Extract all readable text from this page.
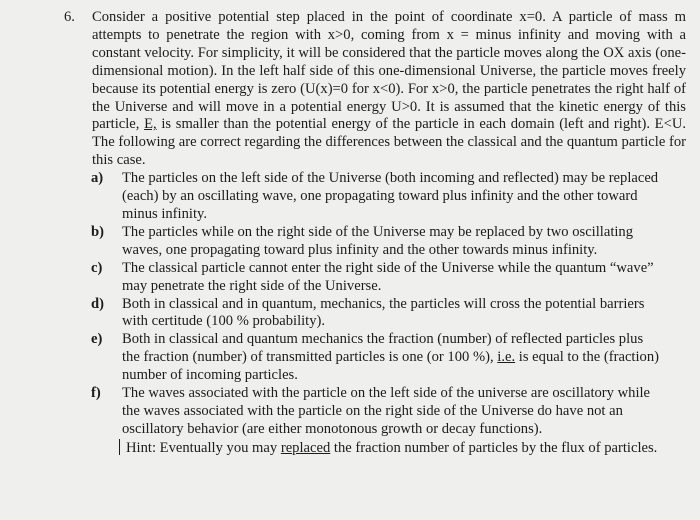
6. Consider a positive potential step placed in the point of coordinate x=0. A particle of mass m attempts to penetrate the region with x>0, coming from x = minus infinity and moving with a constant velocity. For simplicity, it will be considered that the particle moves along the OX axis (one-dimensional motion). In the left half side of this one-dimensional Universe, the particle moves freely because its potential energy is zero (U(x)=0 for x<0). For x>0, the particle penetrates the right half of the Universe and will move in a potential energy U>0. It is assumed that the kinetic energy of this particle, E, is smaller than the potential energy of the particle in each domain (left and right). E<U. The following are correct regarding the differences between the classical and the quantum particle for this case.
a) The particles on the left side of the Universe (both incoming and reflected) may be replaced (each) by an oscillating wave, one propagating toward plus infinity and the other toward minus infinity.
b) The particles while on the right side of the Universe may be replaced by two oscillating waves, one propagating toward plus infinity and the other towards minus infinity.
c) The classical particle cannot enter the right side of the Universe while the quantum “wave” may penetrate the right side of the Universe.
d) Both in classical and in quantum, mechanics, the particles will cross the potential barriers with certitude (100 % probability).
e) Both in classical and quantum mechanics the fraction (number) of reflected particles plus the fraction (number) of transmitted particles is one (or 100 %), i.e. is equal to the (fraction) number of incoming particles.
f) The waves associated with the particle on the left side of the universe are oscillatory while the waves associated with the particle on the right side of the Universe do have not an oscillatory behavior (are either monotonous growth or decay functions).
Hint: Eventually you may replaced the fraction number of particles by the flux of particles.
